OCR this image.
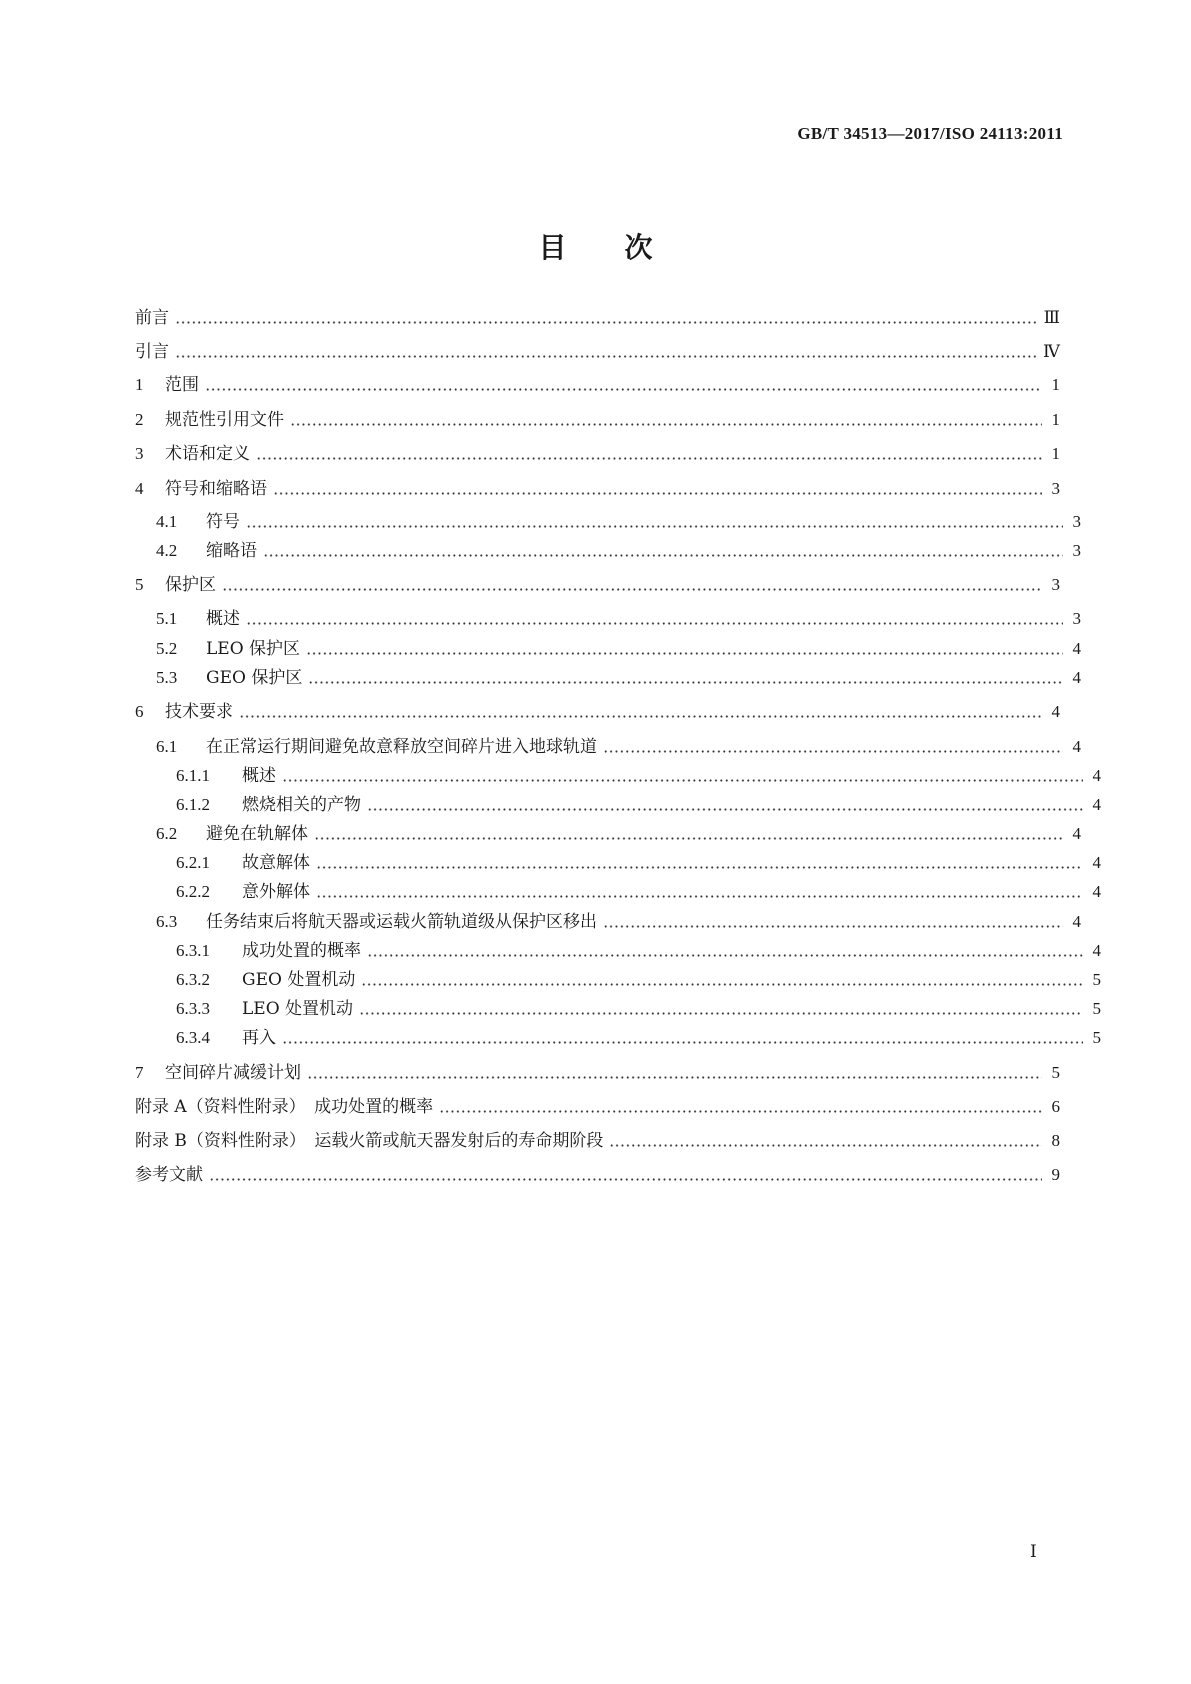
GB/T 34513—2017/ISO 24113:2011
目次
前言	Ⅲ
引言	Ⅳ
1	范围	1
2	规范性引用文件	1
3	术语和定义	1
4	符号和缩略语	3
4.1	符号	3
4.2	缩略语	3
5	保护区	3
5.1	概述	3
5.2	LEO 保护区	4
5.3	GEO 保护区	4
6	技术要求	4
6.1	在正常运行期间避免故意释放空间碎片进入地球轨道	4
6.1.1	概述	4
6.1.2	燃烧相关的产物	4
6.2	避免在轨解体	4
6.2.1	故意解体	4
6.2.2	意外解体	4
6.3	任务结束后将航天器或运载火箭轨道级从保护区移出	4
6.3.1	成功处置的概率	4
6.3.2	GEO 处置机动	5
6.3.3	LEO 处置机动	5
6.3.4	再入	5
7	空间碎片减缓计划	5
附录 A（资料性附录）　成功处置的概率	6
附录 B（资料性附录）　运载火箭或航天器发射后的寿命期阶段	8
参考文献	9
Ⅰ
